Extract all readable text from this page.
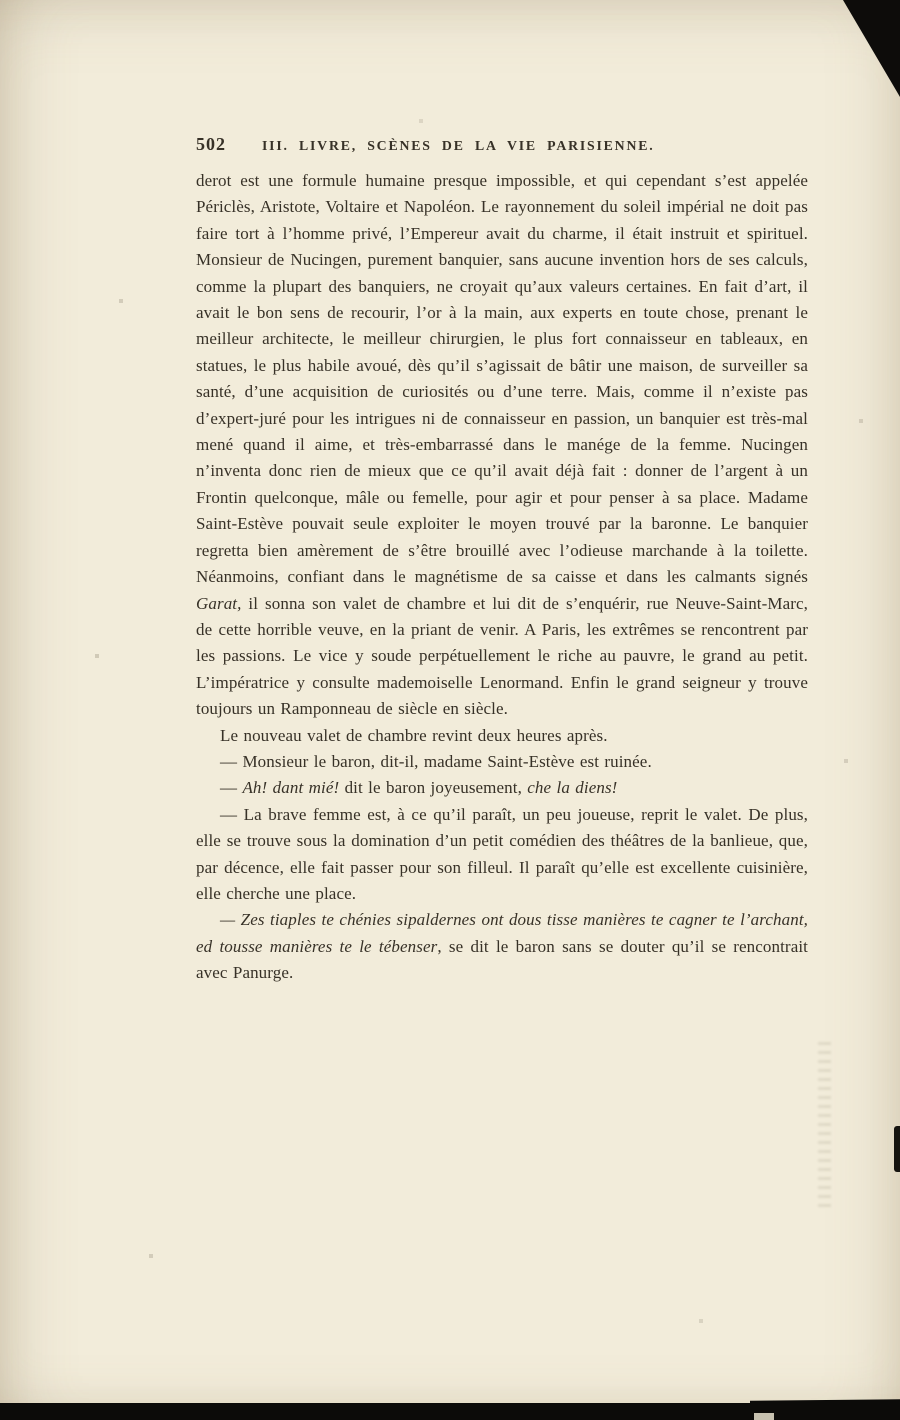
502	III. LIVRE, SCÈNES DE LA VIE PARISIENNE.

derot est une formule humaine presque impossible, et qui cependant s’est appelée Périclès, Aristote, Voltaire et Napoléon. Le rayonnement du soleil impérial ne doit pas faire tort à l’homme privé, l’Empereur avait du charme, il était instruit et spirituel. Monsieur de Nucingen, purement banquier, sans aucune invention hors de ses calculs, comme la plupart des banquiers, ne croyait qu’aux valeurs certaines. En fait d’art, il avait le bon sens de recourir, l’or à la main, aux experts en toute chose, prenant le meilleur architecte, le meilleur chirurgien, le plus fort connaisseur en tableaux, en statues, le plus habile avoué, dès qu’il s’agissait de bâtir une maison, de surveiller sa santé, d’une acquisition de curiosités ou d’une terre. Mais, comme il n’existe pas d’expert-juré pour les intrigues ni de connaisseur en passion, un banquier est très-mal mené quand il aime, et très-embarrassé dans le manége de la femme. Nucingen n’inventa donc rien de mieux que ce qu’il avait déjà fait : donner de l’argent à un Frontin quelconque, mâle ou femelle, pour agir et pour penser à sa place. Madame Saint-Estève pouvait seule exploiter le moyen trouvé par la baronne. Le banquier regretta bien amèrement de s’être brouillé avec l’odieuse marchande à la toilette. Néanmoins, confiant dans le magnétisme de sa caisse et dans les calmants signés Garat, il sonna son valet de chambre et lui dit de s’enquérir, rue Neuve-Saint-Marc, de cette horrible veuve, en la priant de venir. A Paris, les extrêmes se rencontrent par les passions. Le vice y soude perpétuellement le riche au pauvre, le grand au petit. L’impératrice y consulte mademoiselle Lenormand. Enfin le grand seigneur y trouve toujours un Ramponneau de siècle en siècle.

Le nouveau valet de chambre revint deux heures après.

— Monsieur le baron, dit-il, madame Saint-Estève est ruinée.

— Ah! dant mié! dit le baron joyeusement, che la diens!

— La brave femme est, à ce qu’il paraît, un peu joueuse, reprit le valet. De plus, elle se trouve sous la domination d’un petit comédien des théâtres de la banlieue, que, par décence, elle fait passer pour son filleul. Il paraît qu’elle est excellente cuisinière, elle cherche une place.

— Zes tiaples te chénies sipaldernes ont dous tisse manières te cagner te l’archant, ed tousse manières te le tébenser, se dit le baron sans se douter qu’il se rencontrait avec Panurge.
